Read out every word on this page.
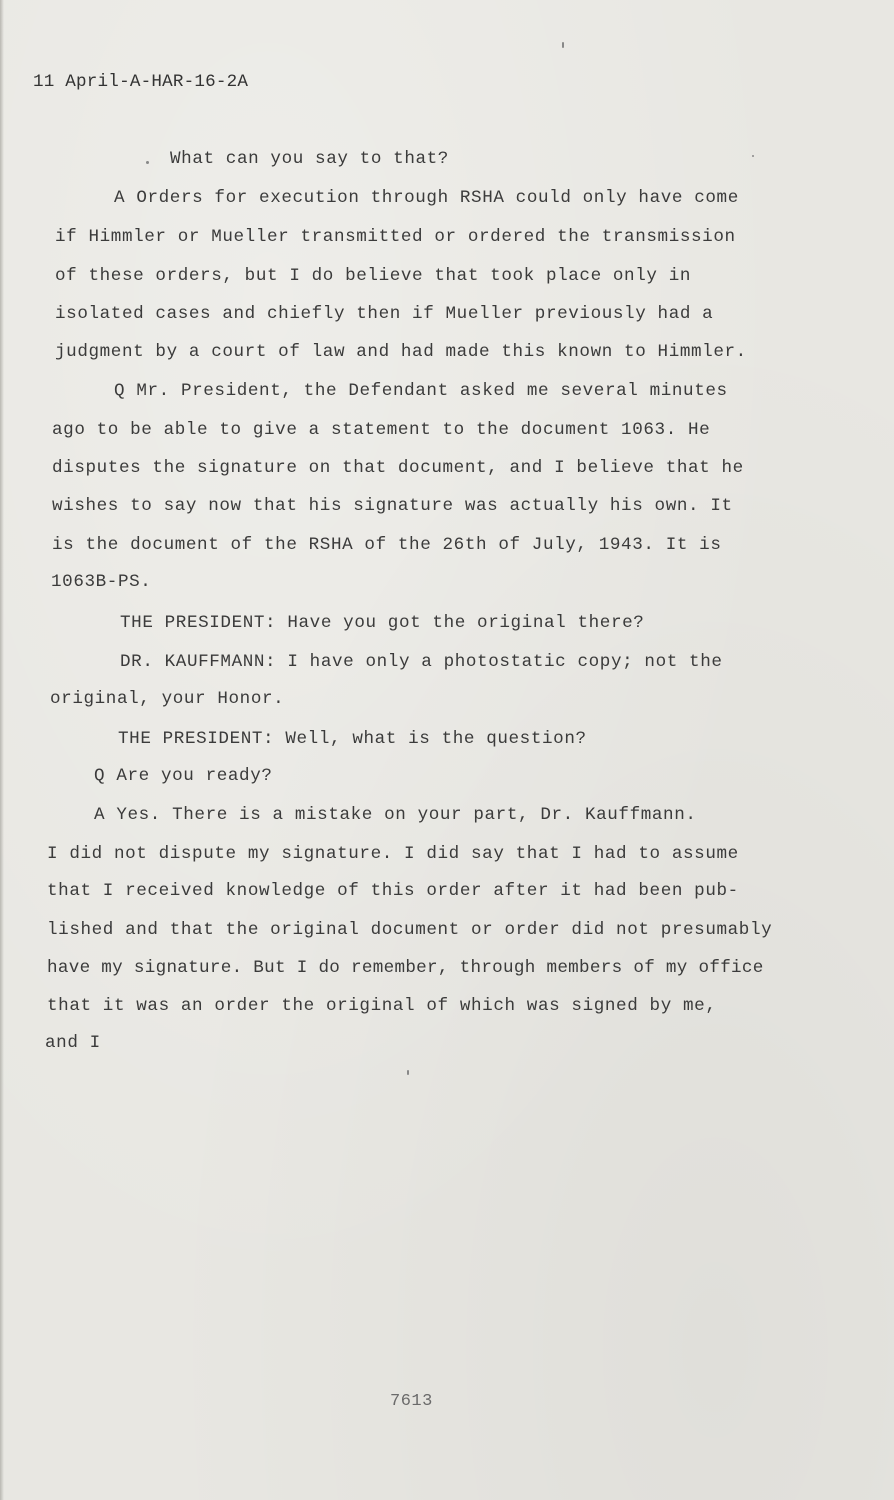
11 April-A-HAR-16-2A
What can you say to that?
A Orders for execution through RSHA could only have come
if Himmler or Mueller transmitted or ordered the transmission
of these orders, but I do believe that took place only in
isolated cases and chiefly then if Mueller previously had a
judgment by a court of law and had made this known to Himmler.
Q Mr. President, the Defendant asked me several minutes
ago to be able to give a statement to the document 1063. He
disputes the signature on that document, and I believe that he
wishes to say now that his signature was actually his own. It
is the document of the RSHA of the 26th of July, 1943. It is
1063B-PS.
THE PRESIDENT: Have you got the original there?
DR. KAUFFMANN: I have only a photostatic copy; not the
original, your Honor.
THE PRESIDENT: Well, what is the question?
Q Are you ready?
A Yes. There is a mistake on your part, Dr. Kauffmann.
I did not dispute my signature. I did say that I had to assume
that I received knowledge of this order after it had been pub-
lished and that the original document or order did not presumably
have my signature. But I do remember, through members of my office
that it was an order the original of which was signed by me,
and I
7613
